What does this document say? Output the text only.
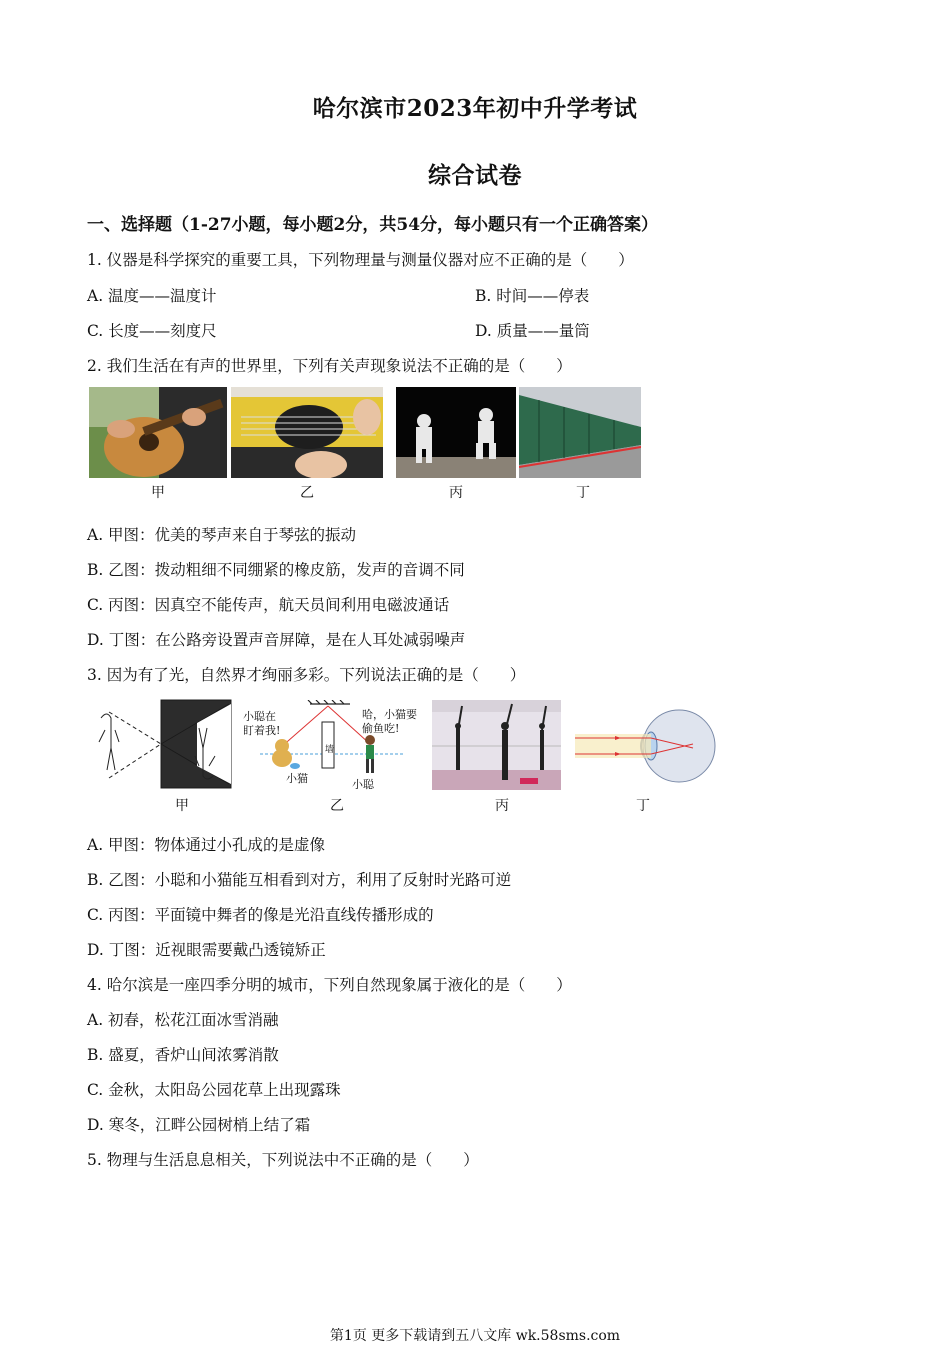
哈尔滨市2023年初中升学考试
综合试卷
一、选择题（1-27小题，每小题2分，共54分，每小题只有一个正确答案）
1. 仪器是科学探究的重要工具，下列物理量与测量仪器对应不正确的是（　　）
A. 温度——温度计	B. 时间——停表
C. 长度——刻度尺	D. 质量——量筒
2. 我们生活在有声的世界里，下列有关声现象说法不正确的是（　　）
甲	乙	丙	丁
A. 甲图：优美的琴声来自于琴弦的振动
B. 乙图：拨动粗细不同绷紧的橡皮筋，发声的音调不同
C. 丙图：因真空不能传声，航天员间利用电磁波通话
D. 丁图：在公路旁设置声音屏障，是在人耳处减弱噪声
3. 因为有了光，自然界才绚丽多彩。下列说法正确的是（　　）
小聪在
盯着我!
哈，小猫要
偷鱼吃!
墙
小猫	小聪
甲	乙	丙	丁
A. 甲图：物体通过小孔成的是虚像
B. 乙图：小聪和小猫能互相看到对方，利用了反射时光路可逆
C. 丙图：平面镜中舞者的像是光沿直线传播形成的
D. 丁图：近视眼需要戴凸透镜矫正
4. 哈尔滨是一座四季分明的城市，下列自然现象属于液化的是（　　）
A. 初春，松花江面冰雪消融
B. 盛夏，香炉山间浓雾消散
C. 金秋，太阳岛公园花草上出现露珠
D. 寒冬，江畔公园树梢上结了霜
5. 物理与生活息息相关，下列说法中不正确的是（　　）
第1页 更多下载请到五八文库 wk.58sms.com
